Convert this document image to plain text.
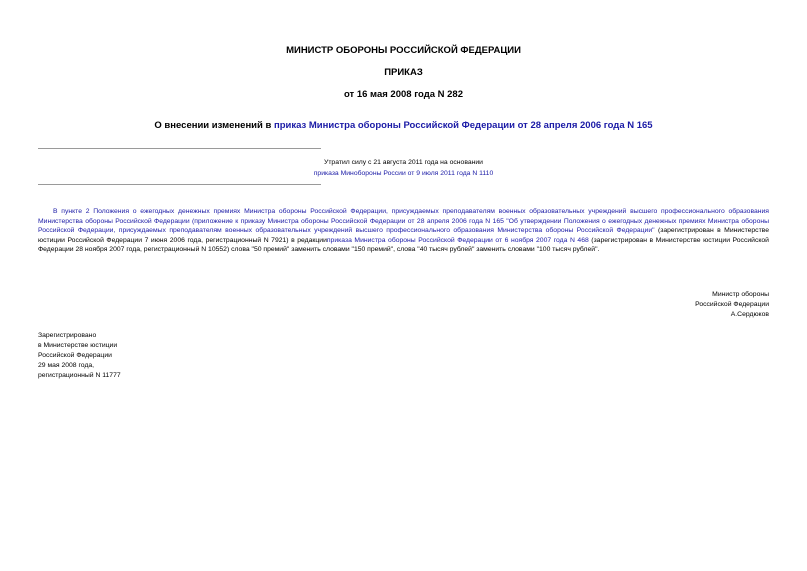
МИНИСТР ОБОРОНЫ РОССИЙСКОЙ ФЕДЕРАЦИИ
ПРИКАЗ
от 16 мая 2008 года N 282
О внесении изменений в приказ Министра обороны Российской Федерации от 28 апреля 2006 года N 165
Утратил силу с 21 августа 2011 года на основании
приказа Минобороны России от 9 июля 2011 года N 1110

В пункте 2 Положения о ежегодных денежных премиях Министра обороны Российской Федерации, присуждаемых преподавателям военных образовательных учреждений высшего профессионального образования Министерства обороны Российской Федерации (приложение к приказу Министра обороны Российской Федерации от 28 апреля 2006 года N 165 "Об утверждении Положения о ежегодных денежных премиях Министра обороны Российской Федерации, присуждаемых преподавателям военных образовательных учреждений высшего профессионального образования Министерства обороны Российской Федерации" (зарегистрирован в Министерстве юстиции Российской Федерации 7 июня 2006 года, регистрационный N 7921) в редакцииприказа Министра обороны Российской Федерации от 6 ноября 2007 года N 468 (зарегистрирован в Министерстве юстиции Российской Федерации 28 ноября 2007 года, регистрационный N 10552) слова "50 премий" заменить словами "150 премий", слова "40 тысяч рублей" заменить словами "100 тысяч рублей".

Министр обороны
Российской Федерации
А.Сердюков
Зарегистрировано
в Министерстве юстиции
Российской Федерации
29 мая 2008 года,
регистрационный N 11777
